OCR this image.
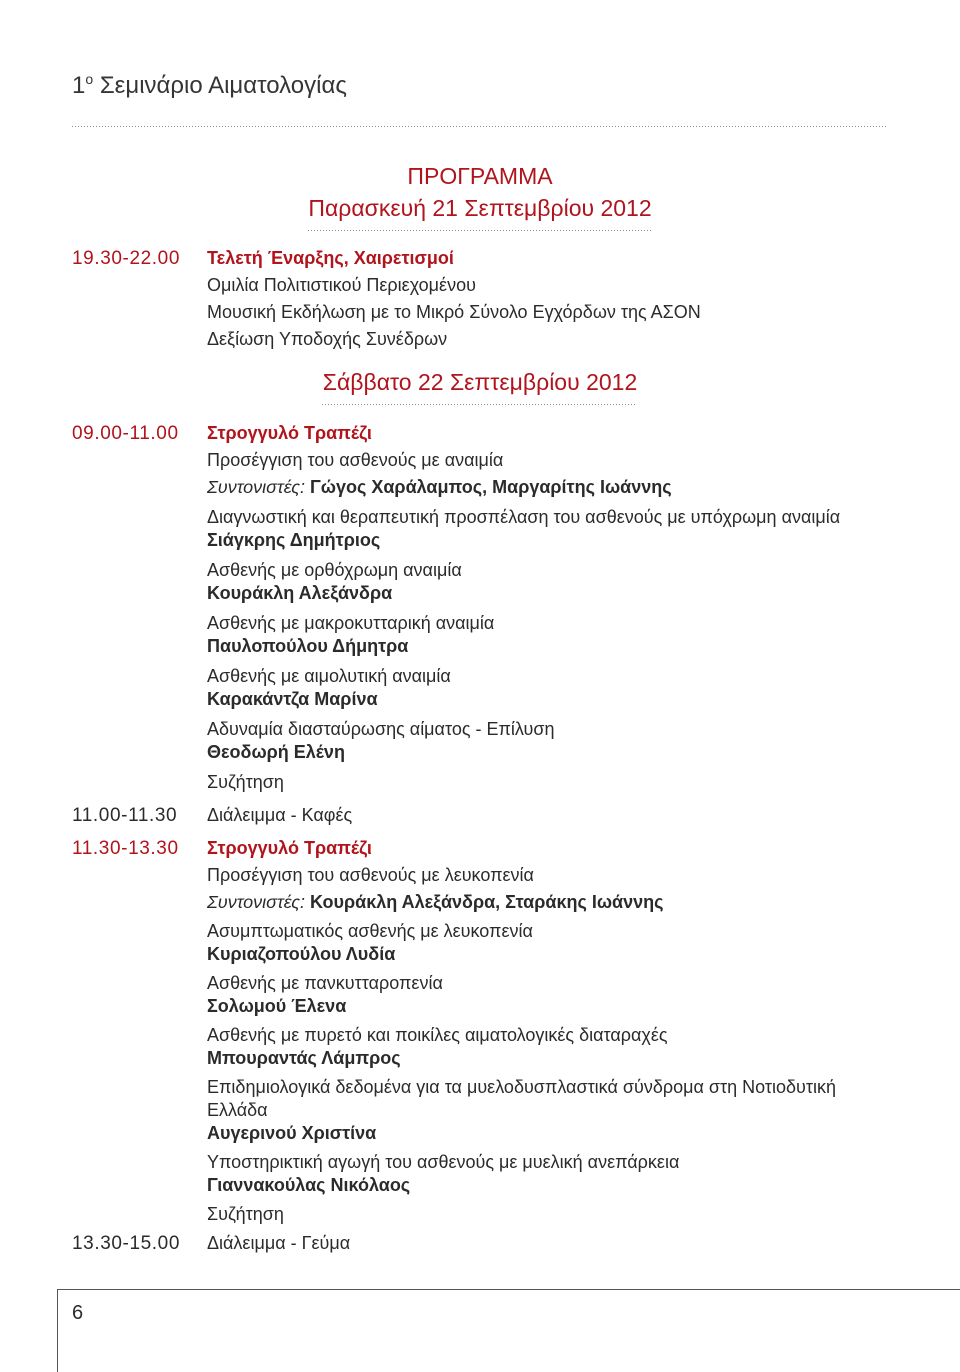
$1^o$ Σεμινάριο Αιματολογίας
ΠΡΟΓΡΑΜΜΑ
Παρασκευή 21 Σεπτεμβρίου 2012
19.30-22.00 Τελετή Έναρξης, Χαιρετισμοί
Ομιλία Πολιτιστικού Περιεχομένου
Μουσική Εκδήλωση με το Μικρό Σύνολο Εγχόρδων της ΑΣΟΝ
Δεξίωση Υποδοχής Συνέδρων
Σάββατο 22 Σεπτεμβρίου 2012
09.00-11.00 Στρογγυλό Τραπέζι
Προσέγγιση του ασθενούς με αναιμία
Συντονιστές: Γώγος Χαράλαμπος, Μαργαρίτης Ιωάννης
Διαγνωστική και θεραπευτική προσπέλαση του ασθενούς με υπόχρωμη αναιμία
Σιάγκρης Δημήτριος
Ασθενής με ορθόχρωμη αναιμία
Κουράκλη Αλεξάνδρα
Ασθενής με μακροκυτταρική αναιμία
Παυλοπούλου Δήμητρα
Ασθενής με αιμολυτική αναιμία
Καρακάντζα Μαρίνα
Αδυναμία διασταύρωσης αίματος - Επίλυση
Θεοδωρή Ελένη
Συζήτηση
11.00-11.30 Διάλειμμα - Καφές
11.30-13.30 Στρογγυλό Τραπέζι
Προσέγγιση του ασθενούς με λευκοπενία
Συντονιστές: Κουράκλη Αλεξάνδρα, Σταράκης Ιωάννης
Ασυμπτωματικός ασθενής με λευκοπενία
Κυριαζοπούλου Λυδία
Ασθενής με πανκυτταροπενία
Σολωμού Έλενα
Ασθενής με πυρετό και ποικίλες αιματολογικές διαταραχές
Μπουραντάς Λάμπρος
Επιδημιολογικά δεδομένα για τα μυελοδυσπλαστικά σύνδρομα στη Νοτιοδυτική
Ελλάδα
Αυγερινού Χριστίνα
Υποστηρικτική αγωγή του ασθενούς με μυελική ανεπάρκεια
Γιαννακούλας Νικόλαος
Συζήτηση
13.30-15.00 Διάλειμμα - Γεύμα
6
